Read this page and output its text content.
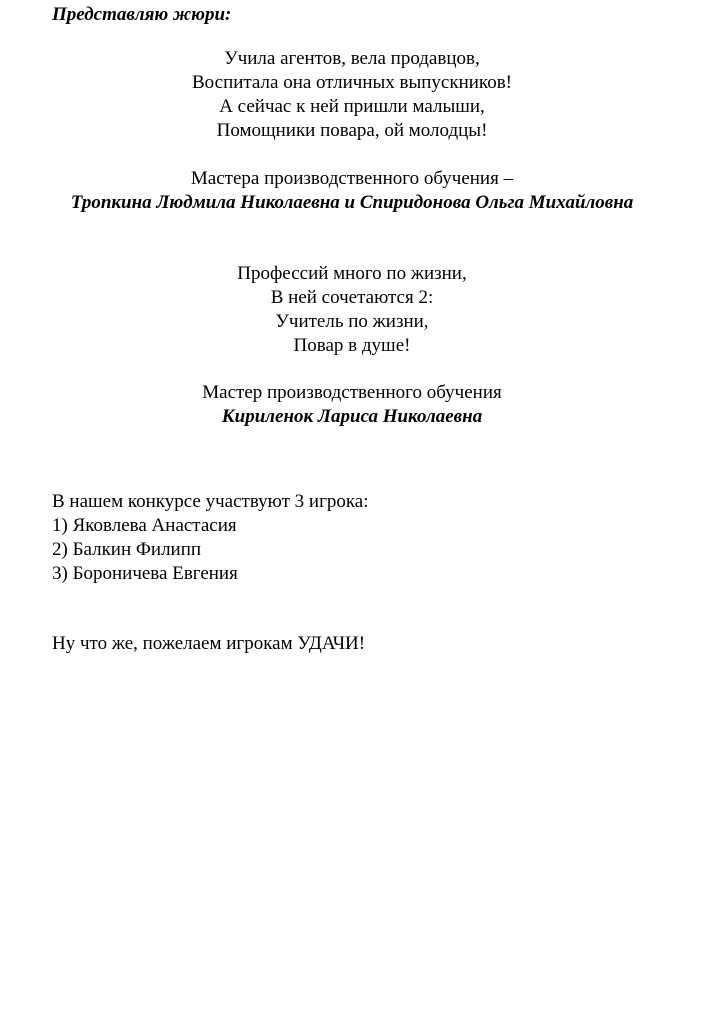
Представляю жюри:
Учила агентов, вела продавцов,
Воспитала она отличных выпускников!
А сейчас к ней пришли малыши,
Помощники повара, ой молодцы!
Мастера производственного обучения –
Тропкина Людмила Николаевна и Спиридонова Ольга Михайловна
Профессий много по жизни,
В ней сочетаются 2:
Учитель по жизни,
Повар в душе!
Мастер производственного обучения
Кириленок Лариса Николаевна
В нашем конкурсе участвуют 3 игрока:
1) Яковлева Анастасия
2) Балкин Филипп
3) Бороничева Евгения
Ну что же, пожелаем игрокам УДАЧИ!
